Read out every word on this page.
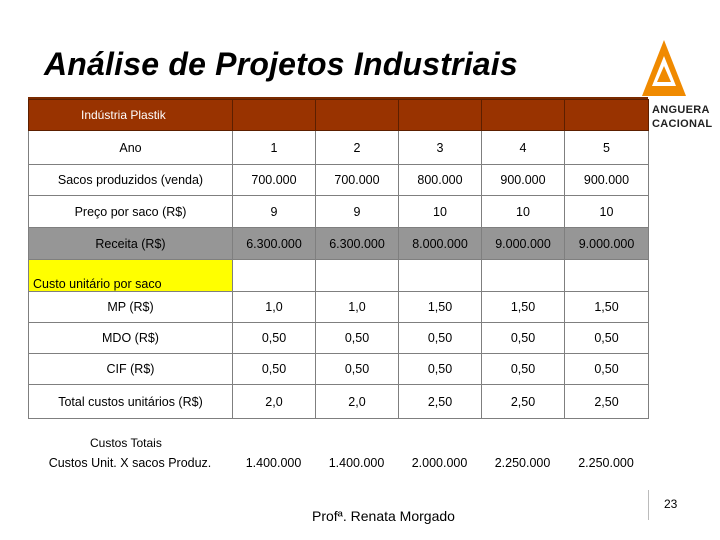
Análise de Projetos Industriais
ANGUERA
CACIONAL
Indústria Plastik					
Ano	1	2	3	4	5
Sacos produzidos (venda)	700.000	700.000	800.000	900.000	900.000
Preço por saco (R$)	9	9	10	10	10
Receita (R$)	6.300.000	6.300.000	8.000.000	9.000.000	9.000.000
Custo unitário por saco					
MP (R$)	1,0	1,0	1,50	1,50	1,50
MDO (R$)	0,50	0,50	0,50	0,50	0,50
CIF (R$)	0,50	0,50	0,50	0,50	0,50
Total custos unitários (R$)	2,0	2,0	2,50	2,50	2,50
Custos Totais
Custos Unit. X sacos Produz.	1.400.000	1.400.000	2.000.000	2.250.000	2.250.000
23
Profª. Renata Morgado
